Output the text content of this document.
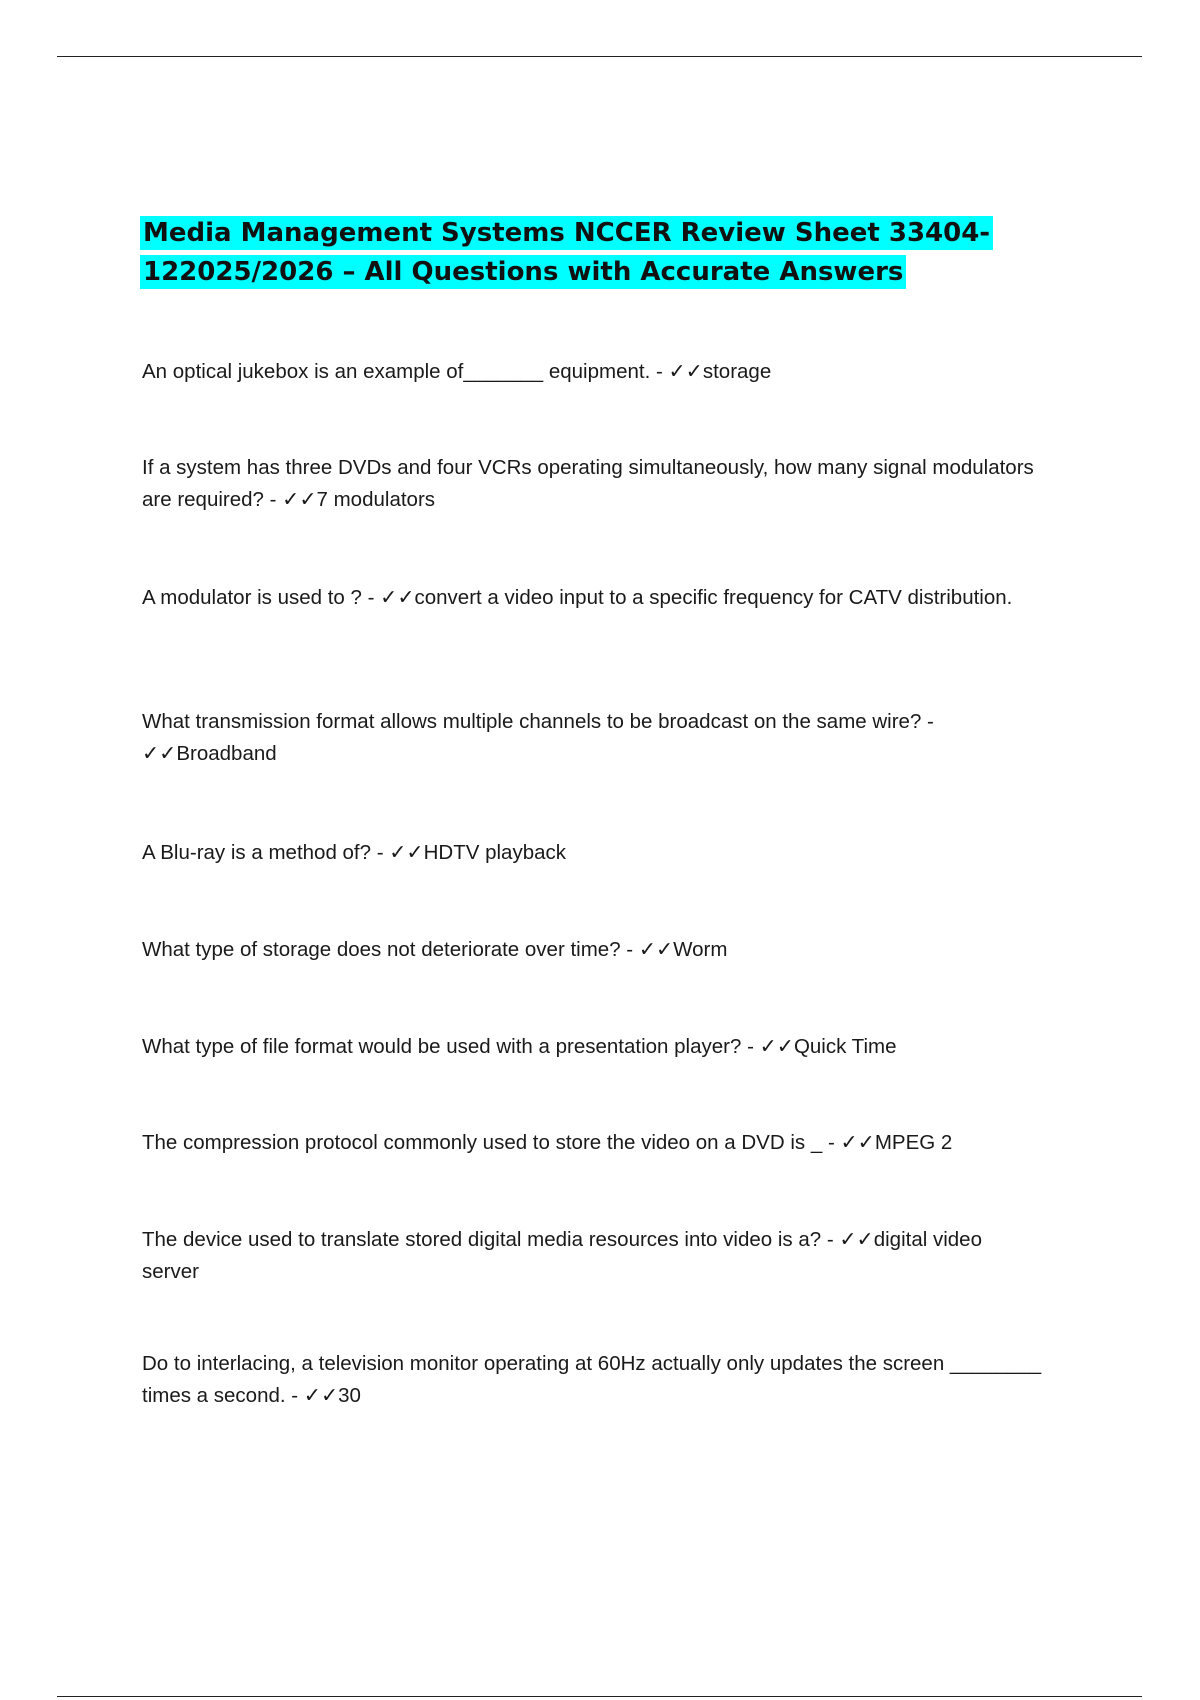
Media Management Systems NCCER Review Sheet 33404-122025/2026 – All Questions with Accurate Answers

An optical jukebox is an example of_______ equipment. - ✓✓storage

If a system has three DVDs and four VCRs operating simultaneously, how many signal modulators are required? - ✓✓7 modulators

A modulator is used to ? - ✓✓convert a video input to a specific frequency for CATV distribution.

What transmission format allows multiple channels to be broadcast on the same wire? - ✓✓Broadband

A Blu-ray is a method of? - ✓✓HDTV playback

What type of storage does not deteriorate over time? - ✓✓Worm

What type of file format would be used with a presentation player? - ✓✓Quick Time

The compression protocol commonly used to store the video on a DVD is _ - ✓✓MPEG 2

The device used to translate stored digital media resources into video is a? - ✓✓digital video server

Do to interlacing, a television monitor operating at 60Hz actually only updates the screen ________ times a second. - ✓✓30
